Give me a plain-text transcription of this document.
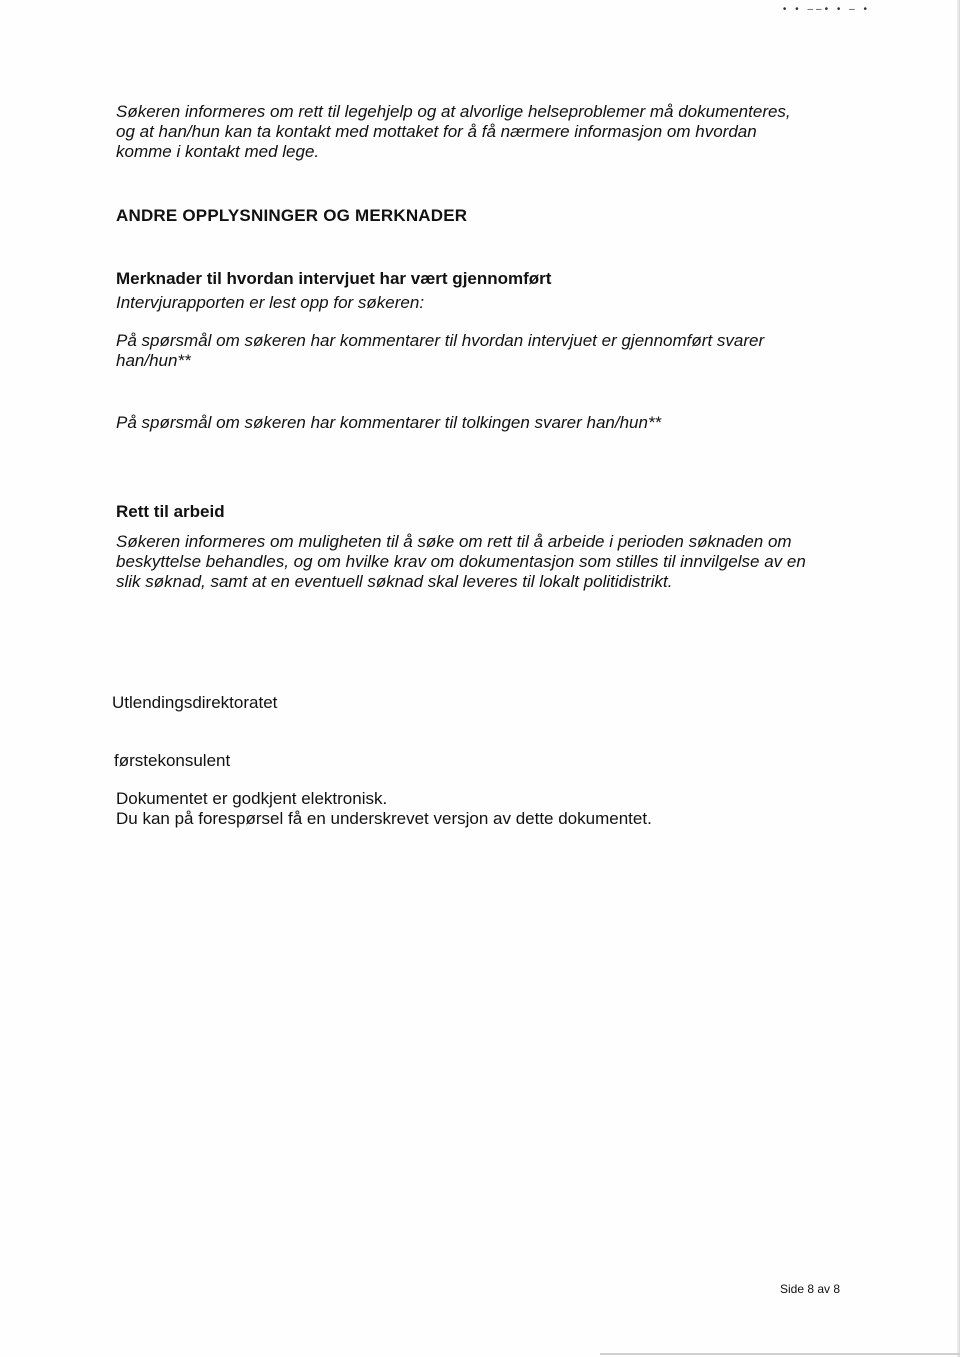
• • ‒‒• • ‒ •
Søkeren informeres om rett til legehjelp og at alvorlige helseproblemer må dokumenteres,
og at han/hun kan ta kontakt med mottaket for å få nærmere informasjon om hvordan
komme i kontakt med lege.
ANDRE OPPLYSNINGER OG MERKNADER
Merknader til hvordan intervjuet har vært gjennomført
Intervjurapporten er lest opp for søkeren:
På spørsmål om søkeren har kommentarer til hvordan intervjuet er gjennomført svarer
han/hun**
På spørsmål om søkeren har kommentarer til tolkingen svarer han/hun**
Rett til arbeid
Søkeren informeres om muligheten til å søke om rett til å arbeide i perioden søknaden om
beskyttelse behandles, og om hvilke krav om dokumentasjon som stilles til innvilgelse av en
slik søknad, samt at en eventuell søknad skal leveres til lokalt politidistrikt.
Utlendingsdirektoratet
førstekonsulent
Dokumentet er godkjent elektronisk.
Du kan på forespørsel få en underskrevet versjon av dette dokumentet.
Side 8 av 8
